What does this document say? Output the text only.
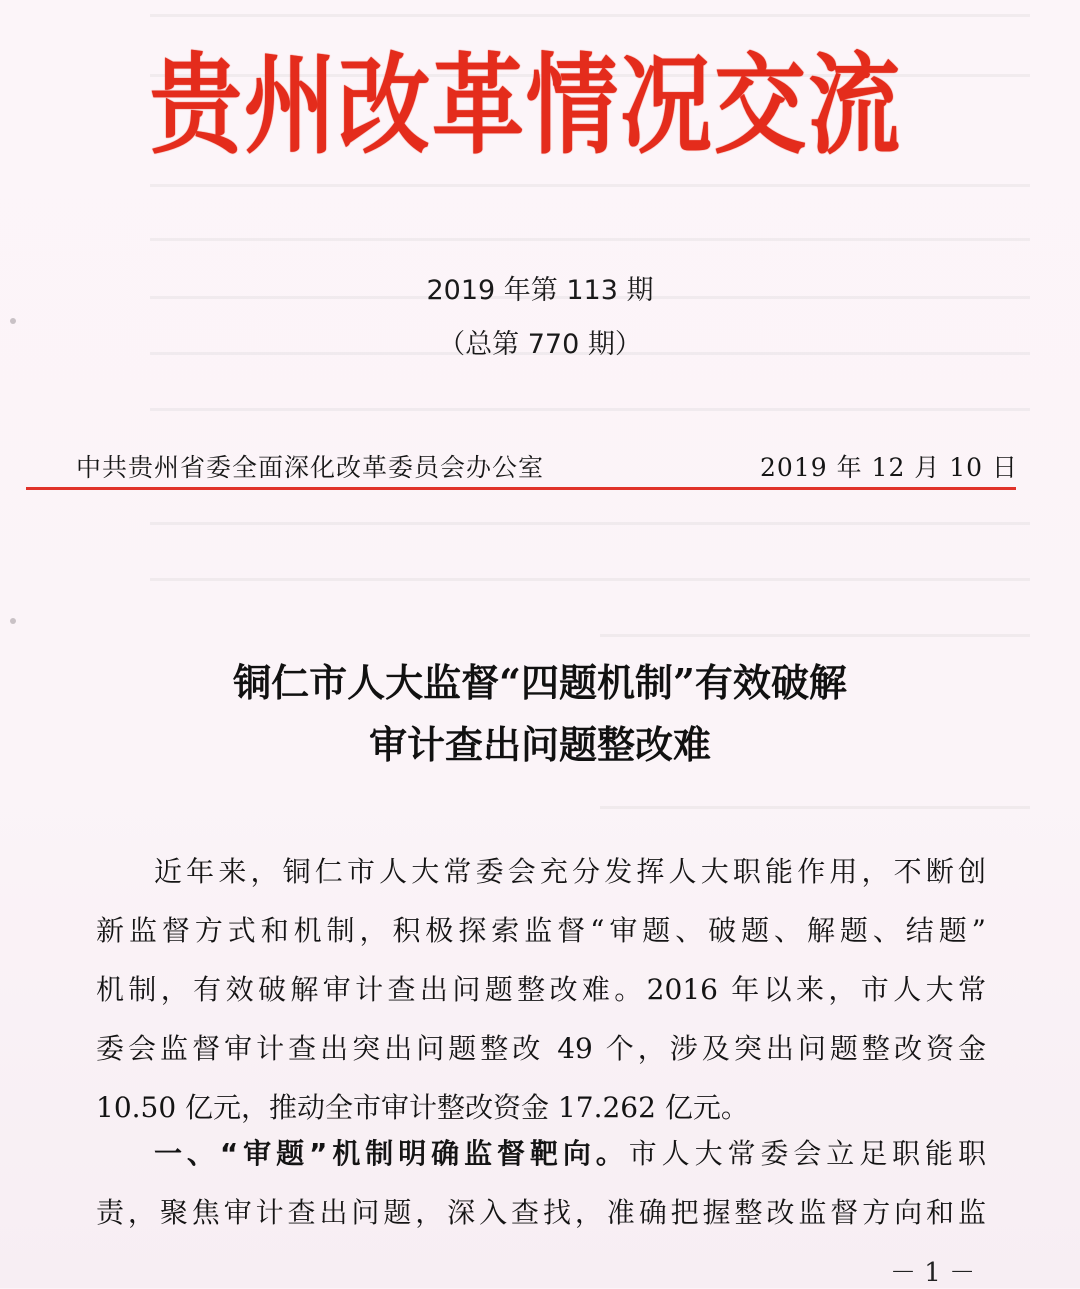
贵州改革情况交流
2019 年第 113 期
（总第 770 期）
中共贵州省委全面深化改革委员会办公室	2019 年 12 月 10 日
铜仁市人大监督“四题机制”有效破解
审计查出问题整改难
近年来，铜仁市人大常委会充分发挥人大职能作用，不断创
新监督方式和机制，积极探索监督“审题、破题、解题、结题”
机制，有效破解审计查出问题整改难。2016 年以来，市人大常
委会监督审计查出突出问题整改 49 个，涉及突出问题整改资金
10.50 亿元，推动全市审计整改资金 17.262 亿元。
一、“审题”机制明确监督靶向。市人大常委会立足职能职
责，聚焦审计查出问题，深入查找，准确把握整改监督方向和监
－ 1 －
